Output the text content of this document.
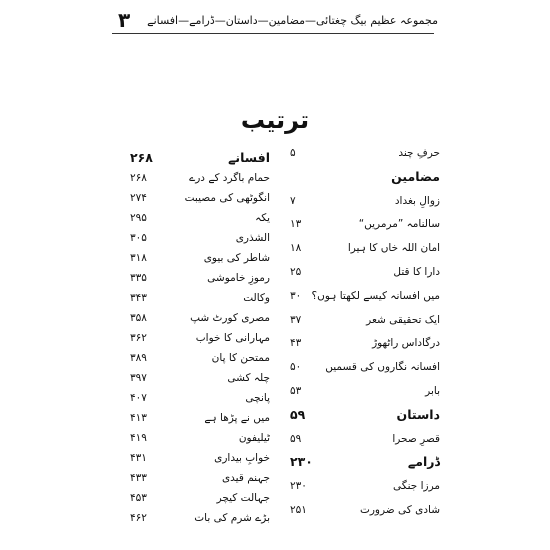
۳ مجموعہ عظیم بیگ چغتائی—مضامین—داستان—ڈرامے—افسانے
ترتیب
حرفِ چند
۵
مضامین
زوالِ بغداد
۷
سالنامہ ”مرمریں“
۱۳
امان اللہ خاں کا ہیرا
۱۸
دارا کا قتل
۲۵
میں افسانہ کیسے لکھتا ہوں؟
۳۰
ایک تحقیقی شعر
۳۷
درگاداس راٹھوڑ
۴۳
افسانہ نگاروں کی قسمیں
۵۰
بابر
۵۳
داستان
۵۹
قصرِ صحرا
۵۹
ڈرامے
۲۳۰
مرزا جنگی
۲۳۰
شادی کی ضرورت
۲۵۱
افسانے
۲۶۸
حمام باگرد کے درے
۲۶۸
انگوٹھی کی مصیبت
۲۷۴
یکہ
۲۹۵
الشذری
۳۰۵
شاطر کی بیوی
۳۱۸
رموزِ خاموشی
۳۳۵
وکالت
۳۴۳
مصری کورٹ شپ
۳۵۸
مہارانی کا خواب
۳۶۲
ممتحن کا پان
۳۸۹
چلہ کشی
۳۹۷
پانچی
۴۰۷
میں نے پڑھا ہے
۴۱۳
ٹیلیفون
۴۱۹
خوابِ بیداری
۴۳۱
جہنم قیدی
۴۳۳
جہالت کیچر
۴۵۳
بڑے شرم کی بات
۴۶۲
